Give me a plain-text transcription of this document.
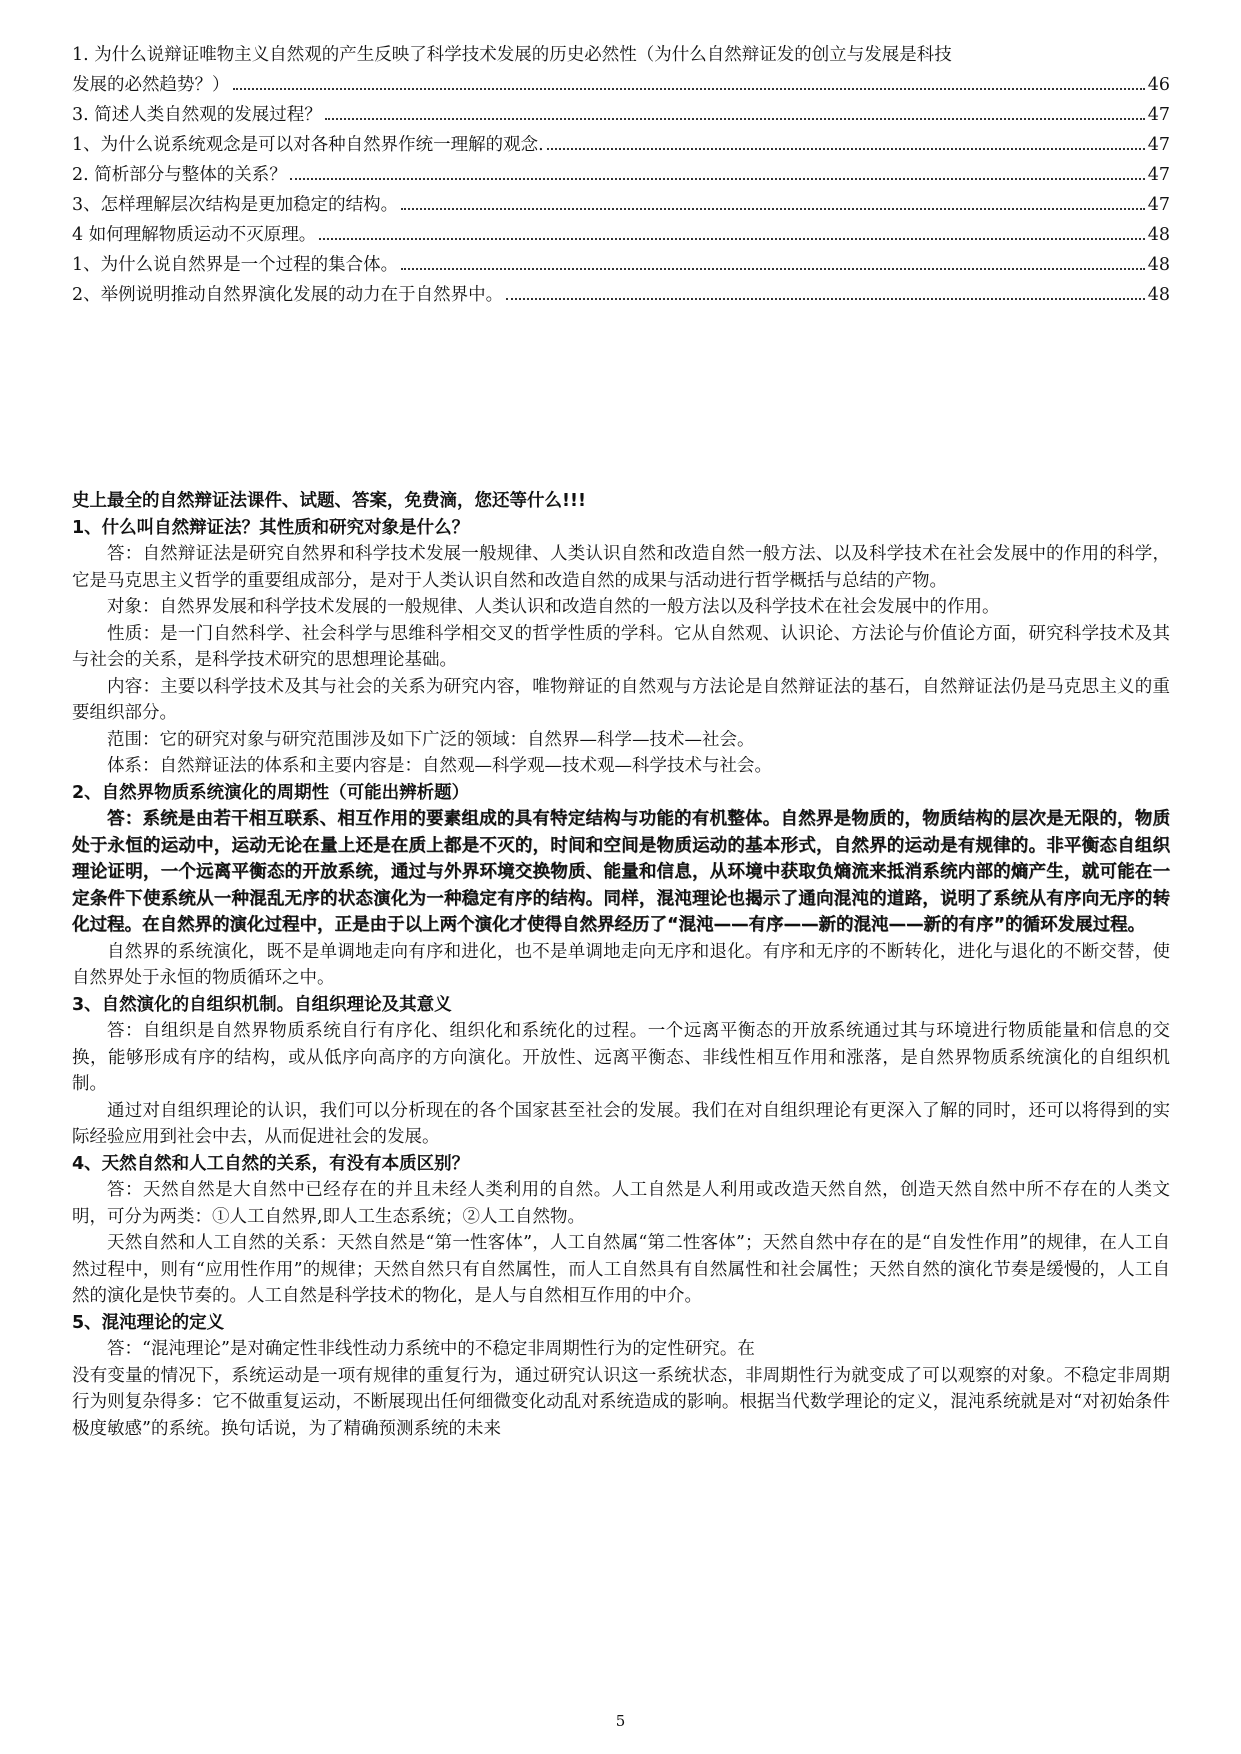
1. 为什么说辩证唯物主义自然观的产生反映了科学技术发展的历史必然性（为什么自然辩证发的创立与发展是科技
发展的必然趋势？）	46
3. 简述人类自然观的发展过程？	47
1、为什么说系统观念是可以对各种自然界作统一理解的观念.	47
2. 简析部分与整体的关系？	47
3、怎样理解层次结构是更加稳定的结构。	47
4 如何理解物质运动不灭原理。	48
1、为什么说自然界是一个过程的集合体。	48
2、举例说明推动自然界演化发展的动力在于自然界中。	48
史上最全的自然辩证法课件、试题、答案，免费滴，您还等什么!!!
1、什么叫自然辩证法？其性质和研究对象是什么？
答：自然辩证法是研究自然界和科学技术发展一般规律、人类认识自然和改造自然一般方法、以及科学技术在社会发展中的作用的科学，它是马克思主义哲学的重要组成部分，是对于人类认识自然和改造自然的成果与活动进行哲学概括与总结的产物。
对象：自然界发展和科学技术发展的一般规律、人类认识和改造自然的一般方法以及科学技术在社会发展中的作用。
性质：是一门自然科学、社会科学与思维科学相交叉的哲学性质的学科。它从自然观、认识论、方法论与价值论方面，研究科学技术及其与社会的关系，是科学技术研究的思想理论基础。
内容：主要以科学技术及其与社会的关系为研究内容，唯物辩证的自然观与方法论是自然辩证法的基石，自然辩证法仍是马克思主义的重要组织部分。
范围：它的研究对象与研究范围涉及如下广泛的领域：自然界—科学—技术—社会。
体系：自然辩证法的体系和主要内容是：自然观—科学观—技术观—科学技术与社会。
2、自然界物质系统演化的周期性（可能出辨析题）
答：系统是由若干相互联系、相互作用的要素组成的具有特定结构与功能的有机整体。自然界是物质的，物质结构的层次是无限的，物质处于永恒的运动中，运动无论在量上还是在质上都是不灭的，时间和空间是物质运动的基本形式，自然界的运动是有规律的。非平衡态自组织理论证明，一个远离平衡态的开放系统，通过与外界环境交换物质、能量和信息，从环境中获取负熵流来抵消系统内部的熵产生，就可能在一定条件下使系统从一种混乱无序的状态演化为一种稳定有序的结构。同样，混沌理论也揭示了通向混沌的道路，说明了系统从有序向无序的转化过程。在自然界的演化过程中，正是由于以上两个演化才使得自然界经历了“混沌——有序——新的混沌——新的有序”的循环发展过程。
自然界的系统演化，既不是单调地走向有序和进化，也不是单调地走向无序和退化。有序和无序的不断转化，进化与退化的不断交替，使自然界处于永恒的物质循环之中。
3、自然演化的自组织机制。自组织理论及其意义
答：自组织是自然界物质系统自行有序化、组织化和系统化的过程。一个远离平衡态的开放系统通过其与环境进行物质能量和信息的交换，能够形成有序的结构，或从低序向高序的方向演化。开放性、远离平衡态、非线性相互作用和涨落，是自然界物质系统演化的自组织机制。
通过对自组织理论的认识，我们可以分析现在的各个国家甚至社会的发展。我们在对自组织理论有更深入了解的同时，还可以将得到的实际经验应用到社会中去，从而促进社会的发展。
4、天然自然和人工自然的关系，有没有本质区别？
答：天然自然是大自然中已经存在的并且未经人类利用的自然。人工自然是人利用或改造天然自然，创造天然自然中所不存在的人类文明，可分为两类：①人工自然界,即人工生态系统；②人工自然物。
天然自然和人工自然的关系：天然自然是“第一性客体”，人工自然属“第二性客体”；天然自然中存在的是“自发性作用”的规律，在人工自然过程中，则有“应用性作用”的规律；天然自然只有自然属性，而人工自然具有自然属性和社会属性；天然自然的演化节奏是缓慢的，人工自然的演化是快节奏的。人工自然是科学技术的物化，是人与自然相互作用的中介。
5、混沌理论的定义
答：“混沌理论”是对确定性非线性动力系统中的不稳定非周期性行为的定性研究。在
没有变量的情况下，系统运动是一项有规律的重复行为，通过研究认识这一系统状态，非周期性行为就变成了可以观察的对象。不稳定非周期行为则复杂得多：它不做重复运动，不断展现出任何细微变化动乱对系统造成的影响。根据当代数学理论的定义，混沌系统就是对“对初始条件极度敏感”的系统。换句话说，为了精确预测系统的未来
5
